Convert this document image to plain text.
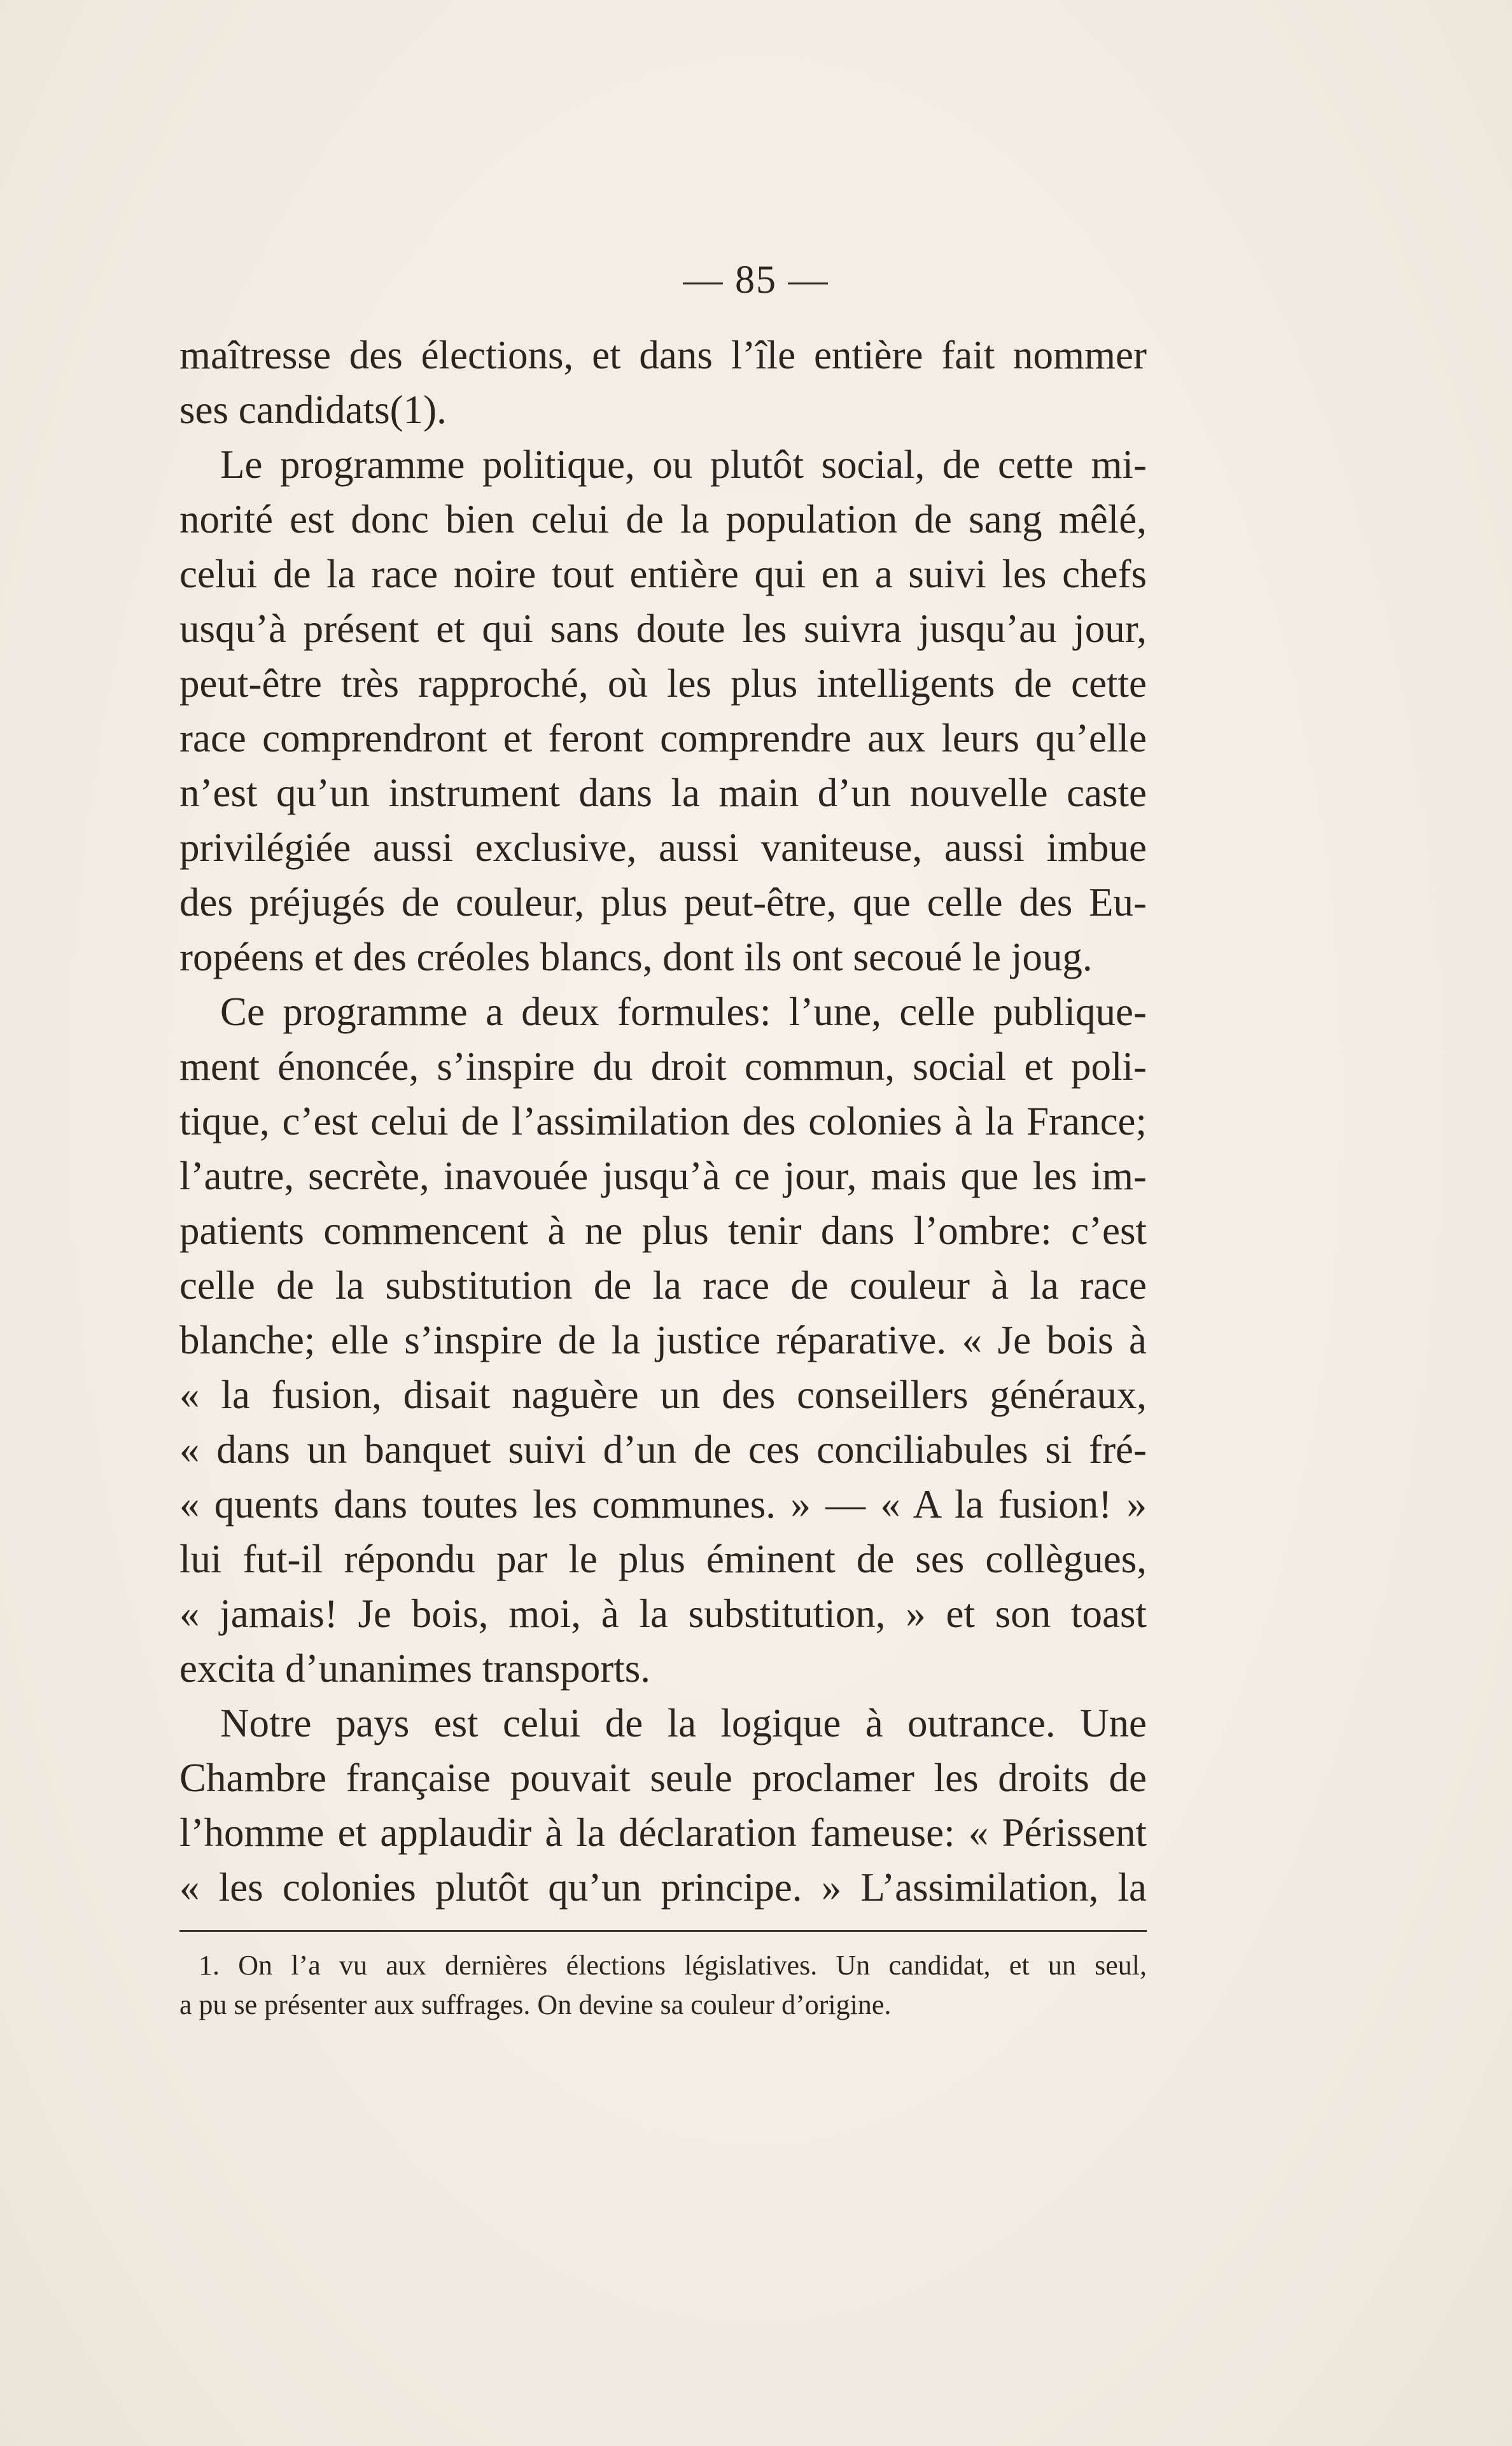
— 85 —
maîtresse des élections, et dans l’île entière fait nommer
ses candidats(1).
Le programme politique, ou plutôt social, de cette mi-
norité est donc bien celui de la population de sang mêlé,
celui de la race noire tout entière qui en a suivi les chefs
usqu’à présent et qui sans doute les suivra jusqu’au jour,
peut-être très rapproché, où les plus intelligents de cette
race comprendront et feront comprendre aux leurs qu’elle
n’est qu’un instrument dans la main d’un nouvelle caste
privilégiée aussi exclusive, aussi vaniteuse, aussi imbue
des préjugés de couleur, plus peut-être, que celle des Eu-
ropéens et des créoles blancs, dont ils ont secoué le joug.
Ce programme a deux formules: l’une, celle publique-
ment énoncée, s’inspire du droit commun, social et poli-
tique, c’est celui de l’assimilation des colonies à la France;
l’autre, secrète, inavouée jusqu’à ce jour, mais que les im-
patients commencent à ne plus tenir dans l’ombre: c’est
celle de la substitution de la race de couleur à la race
blanche; elle s’inspire de la justice réparative. « Je bois à
« la fusion, disait naguère un des conseillers généraux,
« dans un banquet suivi d’un de ces conciliabules si fré-
« quents dans toutes les communes. » — « A la fusion! »
lui fut-il répondu par le plus éminent de ses collègues,
« jamais! Je bois, moi, à la substitution, » et son toast
excita d’unanimes transports.
Notre pays est celui de la logique à outrance. Une
Chambre française pouvait seule proclamer les droits de
l’homme et applaudir à la déclaration fameuse: « Périssent
« les colonies plutôt qu’un principe. » L’assimilation, la
1. On l’a vu aux dernières élections législatives. Un candidat, et un seul,
a pu se présenter aux suffrages. On devine sa couleur d’origine.
